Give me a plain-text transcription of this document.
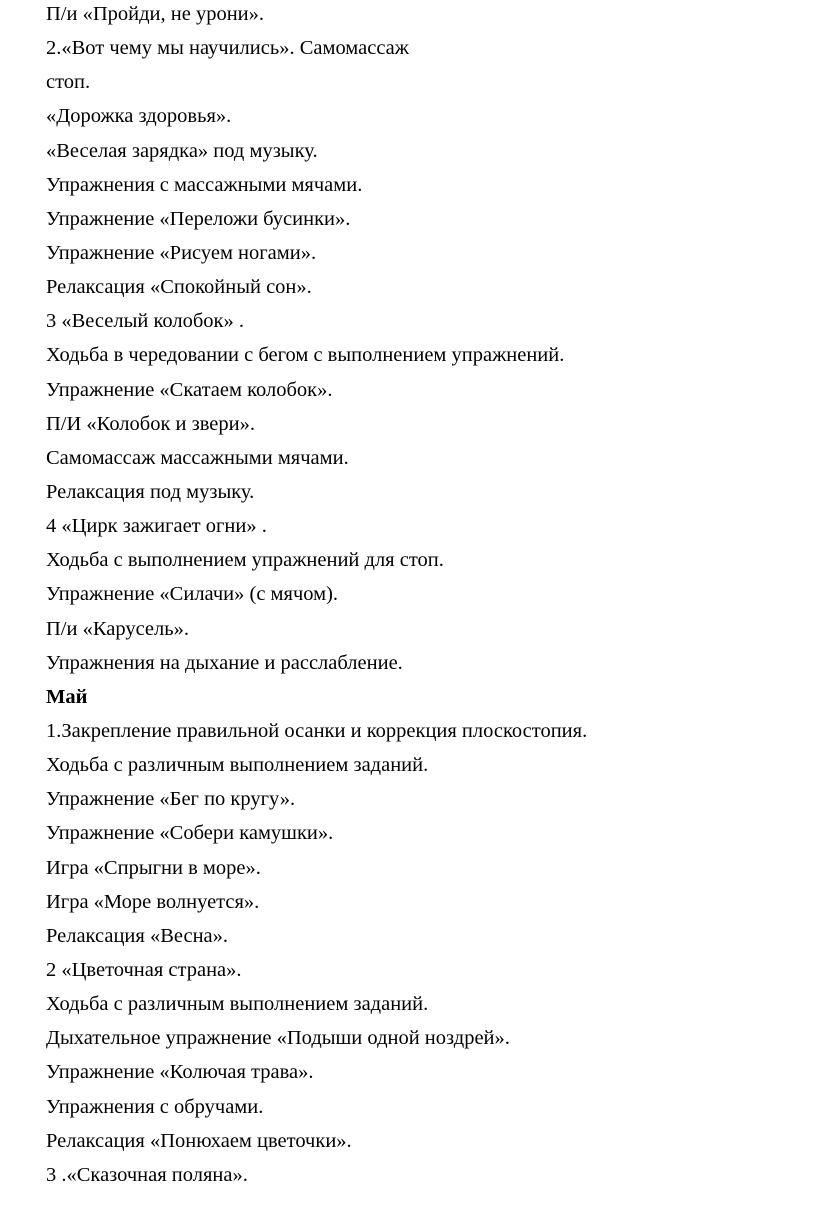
П/и «Пройди, не урони».
2.«Вот чему мы научились». Самомассаж
стоп.
«Дорожка здоровья».
«Веселая зарядка» под музыку.
Упражнения с массажными мячами.
Упражнение «Переложи бусинки».
Упражнение «Рисуем ногами».
Релаксация «Спокойный сон».
3 «Веселый колобок» .
Ходьба в чередовании с бегом с выполнением упражнений.
Упражнение «Скатаем колобок».
П/И «Колобок и звери».
Самомассаж массажными мячами.
Релаксация под музыку.
4 «Цирк зажигает огни» .
Ходьба с выполнением упражнений для стоп.
Упражнение «Силачи» (с мячом).
П/и «Карусель».
Упражнения на дыхание и расслабление.
Май
1.Закрепление правильной осанки и коррекция плоскостопия.
Ходьба с различным выполнением заданий.
Упражнение «Бег по кругу».
Упражнение «Собери камушки».
Игра «Спрыгни в море».
Игра «Море волнуется».
Релаксация «Весна».
2 «Цветочная страна».
Ходьба с различным выполнением заданий.
Дыхательное упражнение «Подыши одной ноздрей».
Упражнение «Колючая трава».
Упражнения с обручами.
Релаксация «Понюхаем цветочки».
3 .«Сказочная поляна».
